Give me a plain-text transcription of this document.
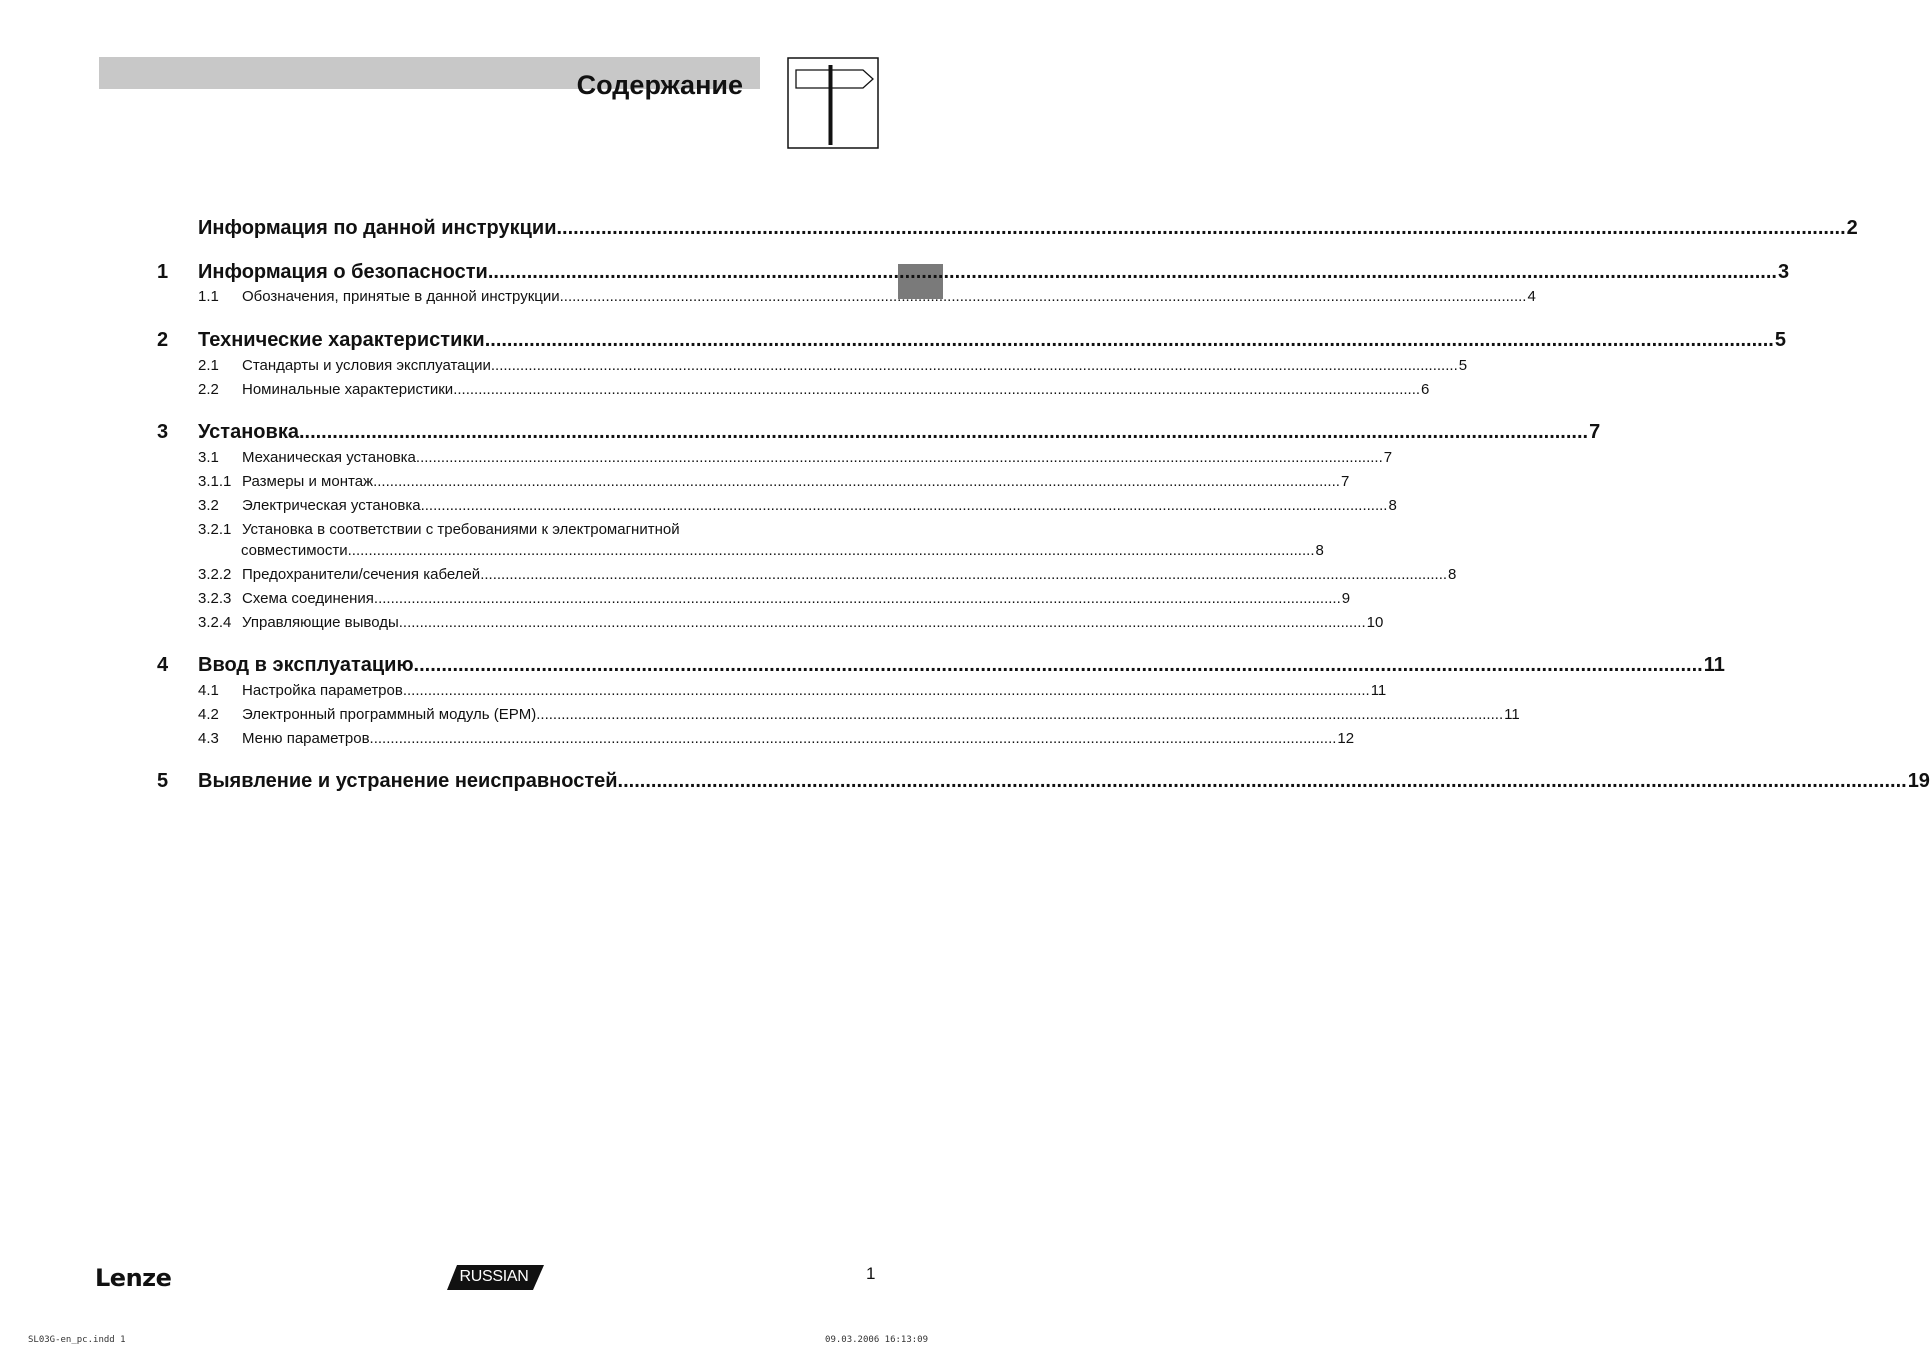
Содержание
Информация по данной инструкции .....	2
1	Информация о безопасности .....	3
1.1	Обозначения, принятые в данной инструкции .....	4
2	Технические характеристики .....	5
2.1	Стандарты и условия эксплуатации .....	5
2.2	Номинальные характеристики .....	6
3	Установка .....	7
3.1	Механическая установка .....	7
3.1.1 Размеры и монтаж .....	7
3.2	Электрическая установка .....	8
3.2.1 Установка в соответствии с требованиями к электромагнитной
совместимости .....	8
3.2.2 Предохранители/сечения кабелей .....	8
3.2.3 Схема соединения .....	9
3.2.4 Управляющие выводы .....	10
4	Ввод в эксплуатацию .....	11
4.1	Настройка параметров .....	11
4.2	Электронный программный модуль (EPM) .....	11
4.3	Меню параметров .....	12
5	Выявление и устранение неисправностей .....	19
Lenze	RUSSIAN	1
SL03G-en_pc.indd 1	09.03.2006 16:13:09
